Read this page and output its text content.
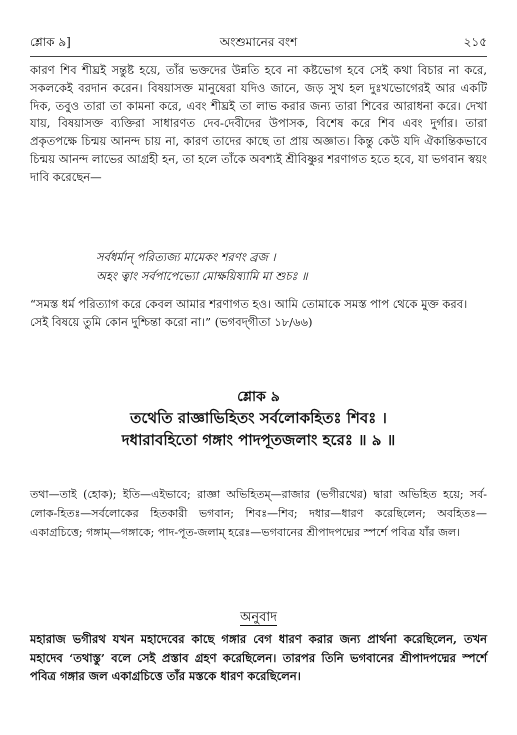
শ্লোক ৯]	অংশুমানের বংশ	২১৫
কারণ শিব শীঘ্রই সন্তুষ্ট হয়ে, তাঁর ভক্তদের উন্নতি হবে না কষ্টভোগ হবে সেই কথা বিচার না করে, সকলকেই বরদান করেন। বিষয়াসক্ত মানুষেরা যদিও জানে, জড় সুখ হল দুঃখভোগেরই আর একটি দিক, তবুও তারা তা কামনা করে, এবং শীঘ্রই তা লাভ করার জন্য তারা শিবের আরাধনা করে। দেখা যায়, বিষয়াসক্ত ব্যক্তিরা সাধারণত দেব-দেবীদের উপাসক, বিশেষ করে শিব এবং দুর্গার। তারা প্রকৃতপক্ষে চিন্ময় আনন্দ চায় না, কারণ তাদের কাছে তা প্রায় অজ্ঞাত। কিন্তু কেউ যদি ঐকান্তিকভাবে চিন্ময় আনন্দ লাভের আগ্রহী হন, তা হলে তাঁকে অবশ্যই শ্রীবিষ্ণুর শরণাগত হতে হবে, যা ভগবান স্বয়ং দাবি করেছেন—
সর্বধর্মান্‌ পরিত্যজ্য মামেকং শরণং ব্রজ ।
অহং ত্বাং সর্বপাপেভ্যো মোক্ষয়িষ্যামি মা শুচঃ ॥
“সমস্ত ধর্ম পরিত্যাগ করে কেবল আমার শরণাগত হও। আমি তোমাকে সমস্ত পাপ থেকে মুক্ত করব। সেই বিষয়ে তুমি কোন দুশ্চিন্তা করো না।” (ভগবদ্‌গীতা ১৮/৬৬)
শ্লোক ৯
তথেতি রাজ্ঞাভিহিতং সর্বলোকহিতঃ শিবঃ ।
দধারাবহিতো গঙ্গাং পাদপূতজলাং হরেঃ ॥ ৯ ॥
তথা—তাই (হোক); ইতি—এইভাবে; রাজ্ঞা অভিহিতম্‌—রাজার (ভগীরথের) দ্বারা অভিহিত হয়ে; সর্ব-লোক-হিতঃ—সর্বলোকের হিতকারী ভগবান; শিবঃ—শিব; দধার—ধারণ করেছিলেন; অবহিতঃ—একাগ্রচিত্তে; গঙ্গাম্‌—গঙ্গাকে; পাদ-পূত-জলাম্‌ হরেঃ—ভগবানের শ্রীপাদপদ্মের স্পর্শে পবিত্র যাঁর জল।
অনুবাদ
মহারাজ ভগীরথ যখন মহাদেবের কাছে গঙ্গার বেগ ধারণ করার জন্য প্রার্থনা করেছিলেন, তখন মহাদেব ‘তথাস্তু’ বলে সেই প্রস্তাব গ্রহণ করেছিলেন। তারপর তিনি ভগবানের শ্রীপাদপদ্মের স্পর্শে পবিত্র গঙ্গার জল একাগ্রচিত্তে তাঁর মস্তকে ধারণ করেছিলেন।
